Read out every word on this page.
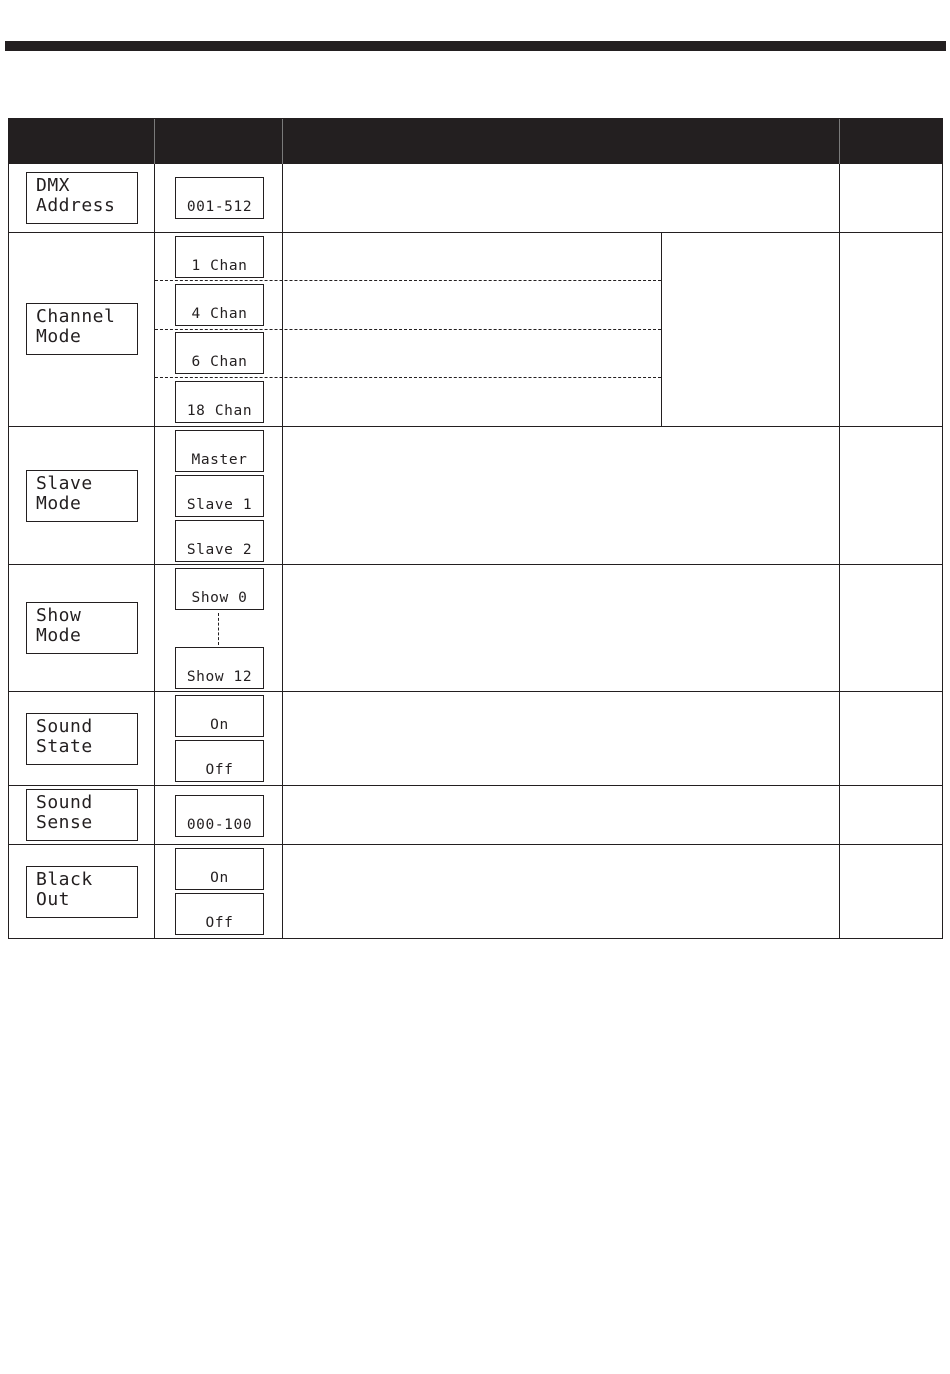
DMX
Address	001-512
Channel
Mode
1 Chan
4 Chan
6 Chan
18 Chan
Slave
Mode
Master
Slave 1
Slave 2
Show
Mode
Show 0
Show 12
Sound
State
On
Off
Sound
Sense	000-100
Black
Out
On
Off
